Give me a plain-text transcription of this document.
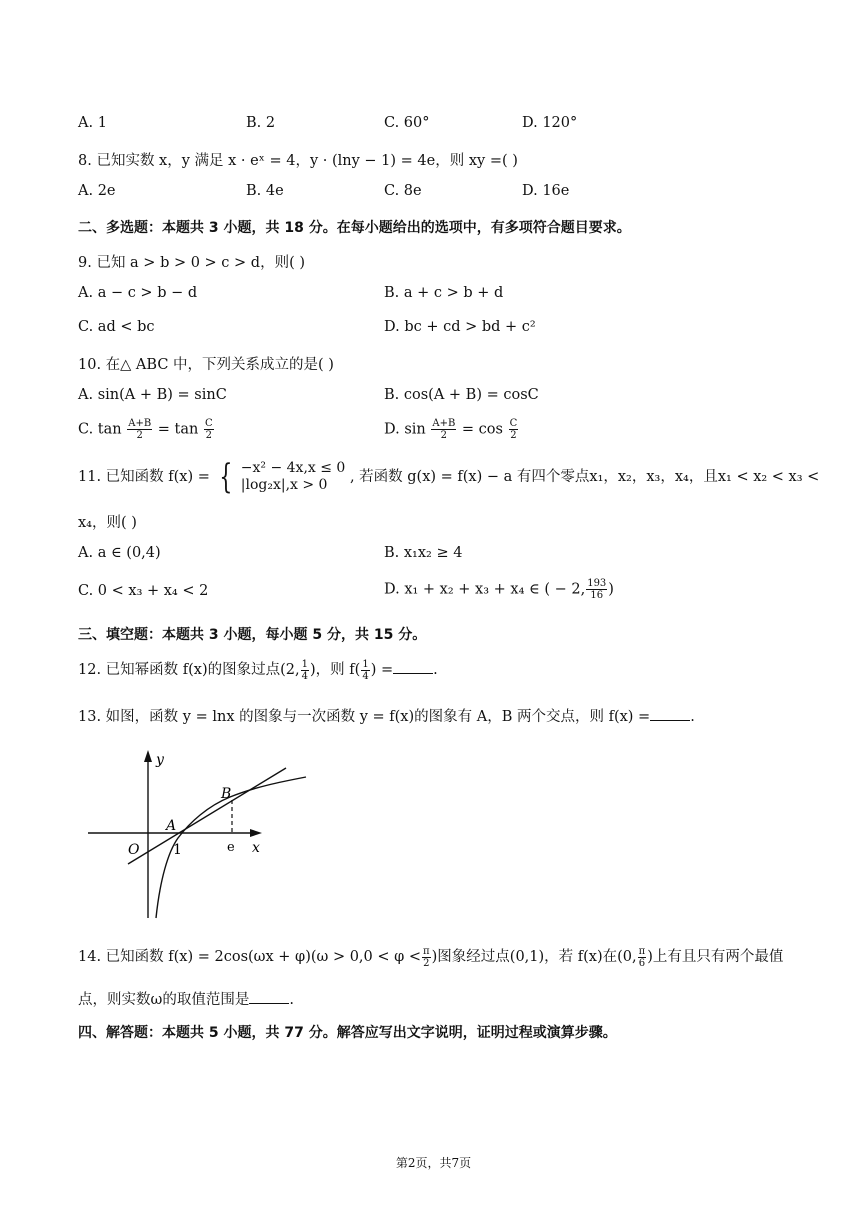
A. 1	B. 2	C. 60°	D. 120°
8. 已知实数 x，y 满足 x · eˣ = 4，y · (lny − 1) = 4e，则 xy =( )
A. 2e	B. 4e	C. 8e	D. 16e
二、多选题：本题共 3 小题，共 18 分。在每小题给出的选项中，有多项符合题目要求。
9. 已知 a > b > 0 > c > d，则( )
A. a − c > b − d	B. a + c > b + d
C. ad < bc	D. bc + cd > bd + c²
10. 在△ ABC 中，下列关系成立的是( )
A. sin(A + B) = sinC	B. cos(A + B) = cosC
C. $\tan \frac{A+B}{2} = \tan \frac{C}{2}$	D. $\sin \frac{A+B}{2} = \cos \frac{C}{2}$
11. 已知函数 f(x) = { −x² − 4x,x ≤ 0
|log₂x|,x > 0	, 若函数 g(x) = f(x) − a 有四个零点x₁，x₂，x₃，x₄，且x₁ < x₂ < x₃ <
x₄，则( )
A. a ∈ (0,4)	B. x₁x₂ ≥ 4
C. 0 < x₃ + x₄ < 2	D. x₁ + x₂ + x₃ + x₄ ∈ ( − 2, $\frac{193}{16}$ )
三、填空题：本题共 3 小题，每小题 5 分，共 15 分。
12. 已知幂函数 f(x)的图象过点(2, $\frac{1}{4}$ )，则 $f( \frac{1}{4}$ ) =	.
13. 如图，函数 y = lnx 的图象与一次函数 y = f(x)的图象有 A，B 两个交点，则 f(x) =	.
y
x
O 1	e
A
B
14. 已知函数 $f(x) = 2\cos(\omega x + \varphi)(\omega > 0,0 < \varphi < \frac{\pi}{2}$ )图象经过点(0,1)，若 f(x)在(0, $\frac{\pi}{6}$ )上有且只有两个最值
点，则实数ω的取值范围是	.
四、解答题：本题共 5 小题，共 77 分。解答应写出文字说明，证明过程或演算步骤。
第2页，共7页
